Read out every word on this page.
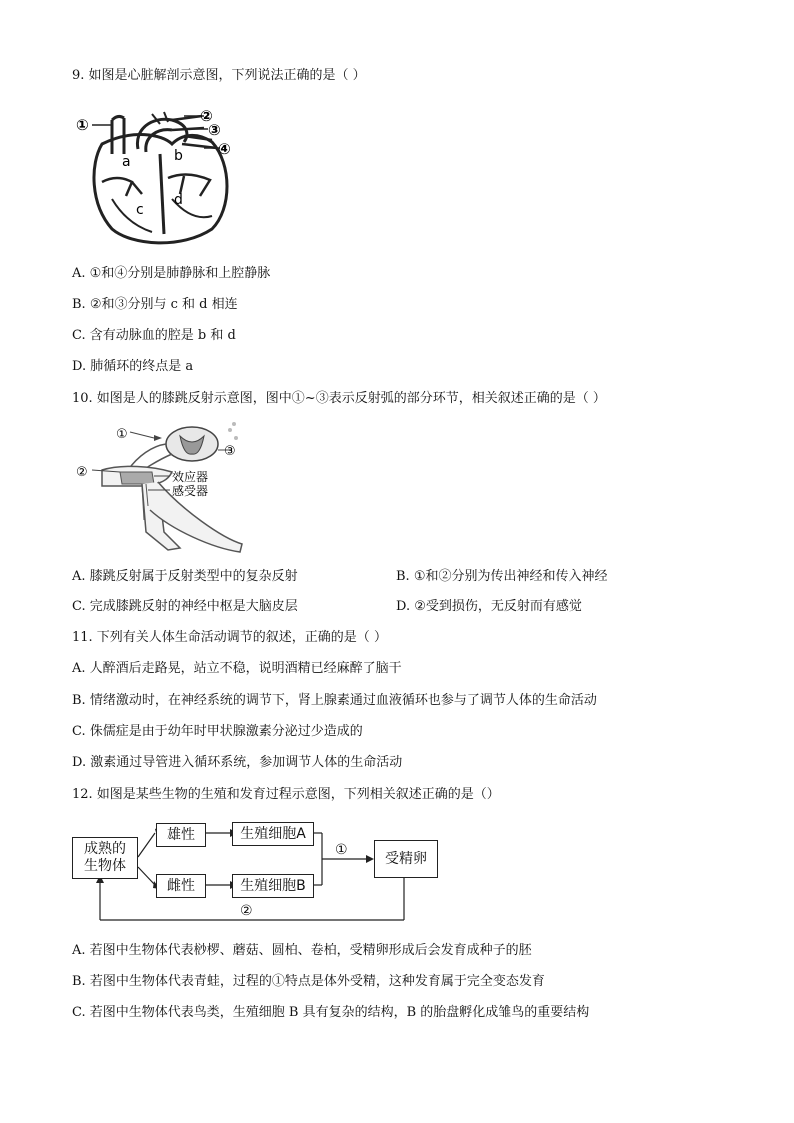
9. 如图是心脏解剖示意图，下列说法正确的是（ ）
①	②
③
④
a	b
c
d
A. ①和④分别是肺静脉和上腔静脉
B. ②和③分别与 c 和 d 相连
C. 含有动脉血的腔是 b 和 d
D. 肺循环的终点是 a
10. 如图是人的膝跳反射示意图，图中①~③表示反射弧的部分环节，相关叙述正确的是（ ）
①
②
③
效应器
感受器
A. 膝跳反射属于反射类型中的复杂反射	B. ①和②分别为传出神经和传入神经
C. 完成膝跳反射的神经中枢是大脑皮层	D. ②受到损伤，无反射而有感觉
11. 下列有关人体生命活动调节的叙述，正确的是（ ）
A. 人醉酒后走路晃，站立不稳，说明酒精已经麻醉了脑干
B. 情绪激动时，在神经系统的调节下，肾上腺素通过血液循环也参与了调节人体的生命活动
C. 侏儒症是由于幼年时甲状腺激素分泌过少造成的
D. 激素通过导管进入循环系统，参加调节人体的生命活动
12. 如图是某些生物的生殖和发育过程示意图，下列相关叙述正确的是（）
成熟的
生物体
雄性
雌性
生殖细胞A
生殖细胞B
受精卵
①
②
A. 若图中生物体代表桫椤、蘑菇、圆柏、卷柏，受精卵形成后会发育成种子的胚
B. 若图中生物体代表青蛙，过程的①特点是体外受精，这种发育属于完全变态发育
C. 若图中生物体代表鸟类，生殖细胞 B 具有复杂的结构，B 的胎盘孵化成雏鸟的重要结构
